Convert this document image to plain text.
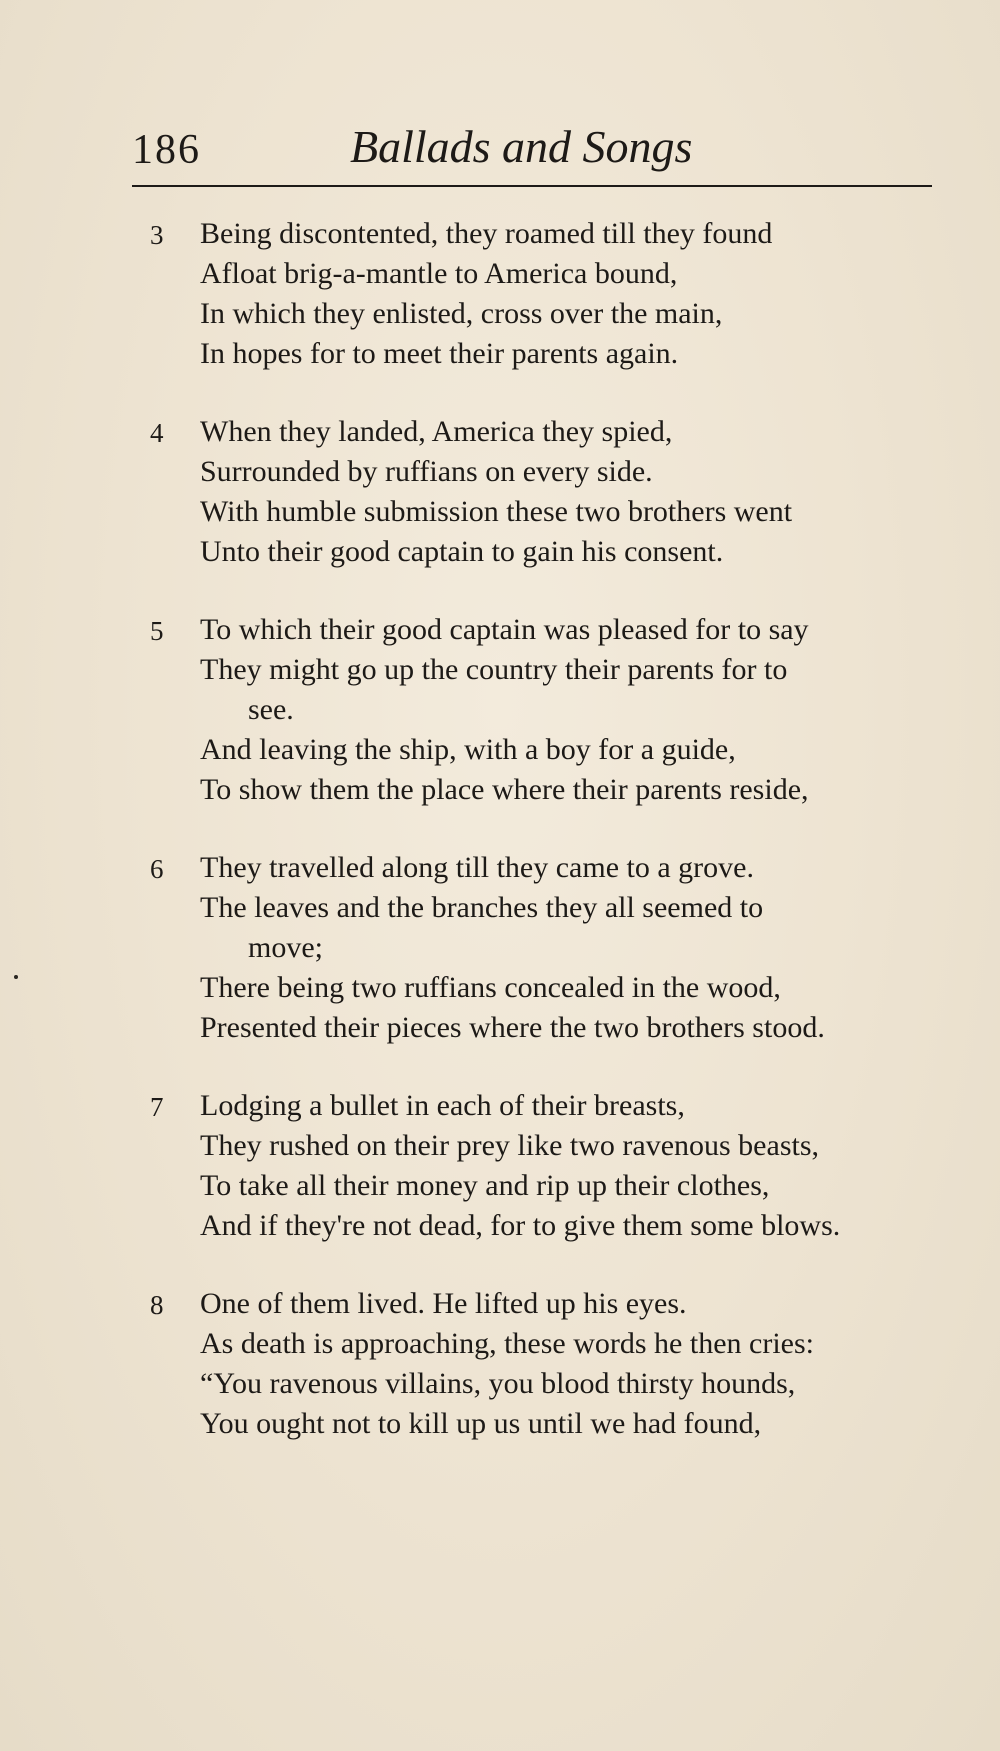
186	Ballads and Songs
3	Being discontented, they roamed till they found
Afloat brig-a-mantle to America bound,
In which they enlisted, cross over the main,
In hopes for to meet their parents again.
4	When they landed, America they spied,
Surrounded by ruffians on every side.
With humble submission these two brothers went
Unto their good captain to gain his consent.
5	To which their good captain was pleased for to say
They might go up the country their parents for to
see.
And leaving the ship, with a boy for a guide,
To show them the place where their parents reside,
6	They travelled along till they came to a grove.
The leaves and the branches they all seemed to
move;
There being two ruffians concealed in the wood,
Presented their pieces where the two brothers stood.
7	Lodging a bullet in each of their breasts,
They rushed on their prey like two ravenous beasts,
To take all their money and rip up their clothes,
And if they're not dead, for to give them some blows.
8	One of them lived. He lifted up his eyes.
As death is approaching, these words he then cries:
“You ravenous villains, you blood thirsty hounds,
You ought not to kill up us until we had found,
